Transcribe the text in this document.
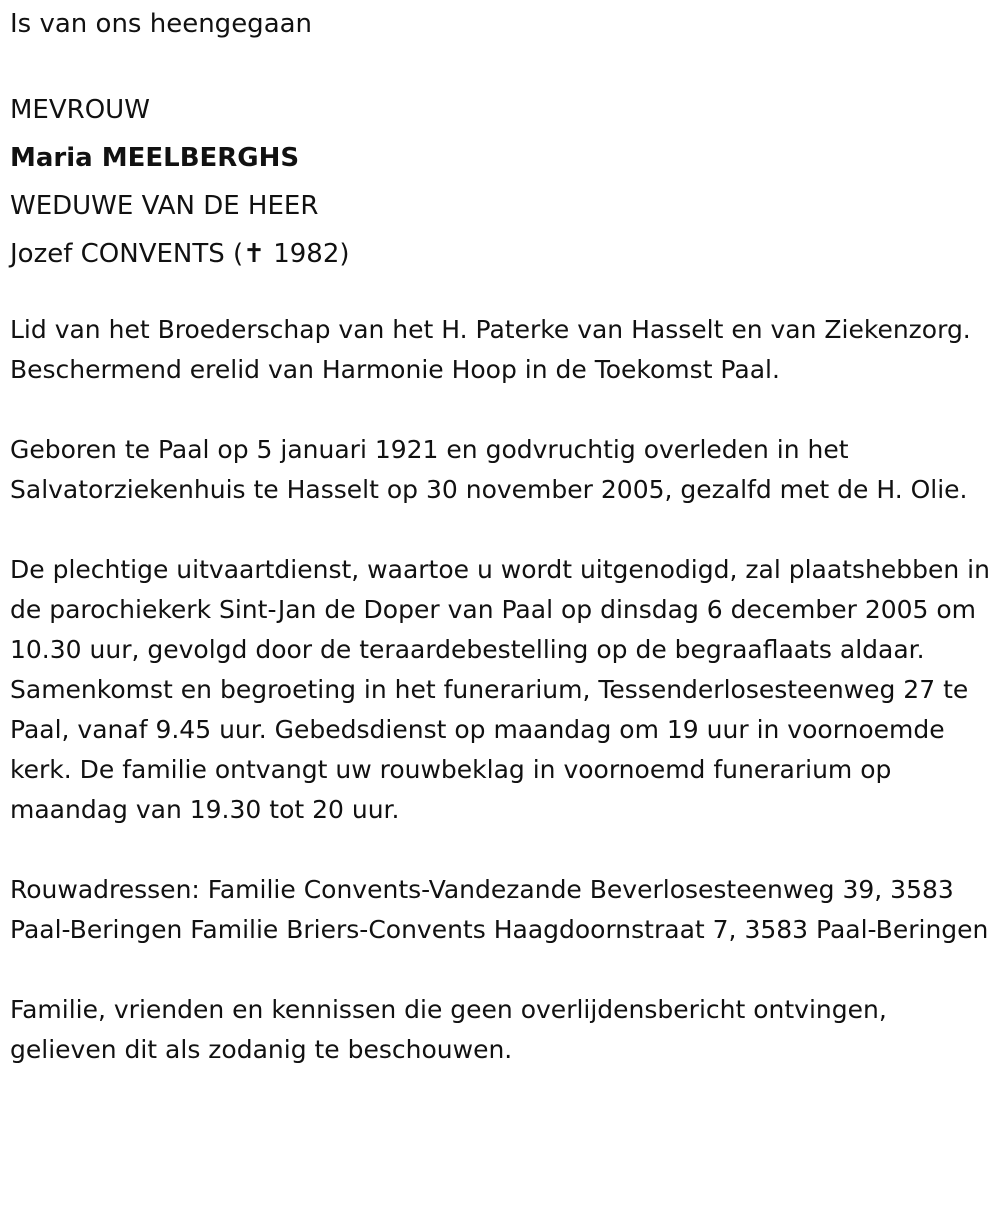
Is van ons heengegaan

MEVROUW

Maria MEELBERGHS

WEDUWE VAN DE HEER

Jozef CONVENTS (✝ 1982)

Lid van het Broederschap van het H. Paterke van Hasselt en van Ziekenzorg. Beschermend erelid van Harmonie Hoop in de Toekomst Paal.

Geboren te Paal op 5 januari 1921 en godvruchtig overleden in het Salvatorziekenhuis te Hasselt op 30 november 2005, gezalfd met de H. Olie.

De plechtige uitvaartdienst, waartoe u wordt uitgenodigd, zal plaatshebben in de parochiekerk Sint-Jan de Doper van Paal op dinsdag 6 december 2005 om 10.30 uur, gevolgd door de teraardebestelling op de begraaflaats aldaar. Samenkomst en begroeting in het funerarium, Tessenderlosesteenweg 27 te Paal, vanaf 9.45 uur. Gebedsdienst op maandag om 19 uur in voornoemde kerk. De familie ontvangt uw rouwbeklag in voornoemd funerarium op maandag van 19.30 tot 20 uur.

Rouwadressen: Familie Convents-Vandezande Beverlosesteenweg 39, 3583 Paal-Beringen Familie Briers-Convents Haagdoornstraat 7, 3583 Paal-Beringen

Familie, vrienden en kennissen die geen overlijdensbericht ontvingen, gelieven dit als zodanig te beschouwen.
